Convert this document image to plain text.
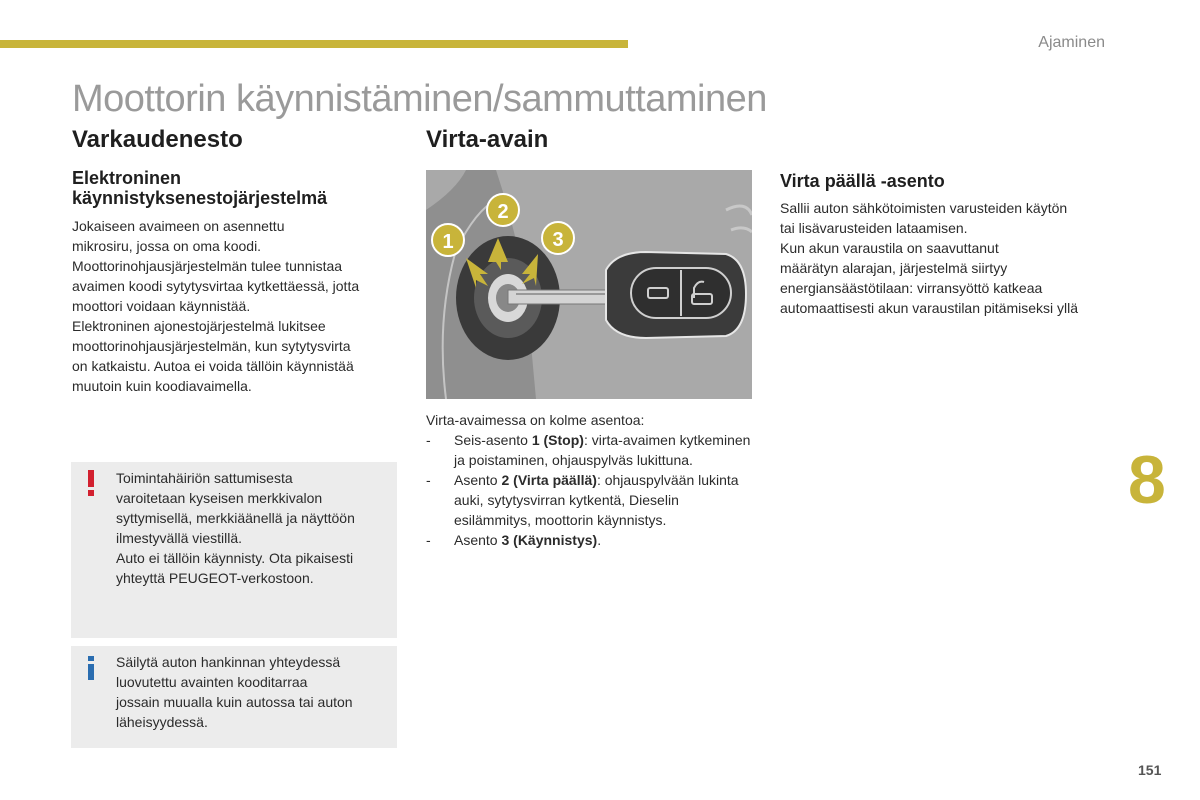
Ajaminen
Moottorin käynnistäminen/sammuttaminen
Varkaudenesto
Elektroninen käynnistyksenestojärjestelmä
Jokaiseen avaimeen on asennettu
mikrosiru, jossa on oma koodi.
Moottorinohjausjärjestelmän tulee tunnistaa
avaimen koodi sytytysvirtaa kytkettäessä, jotta
moottori voidaan käynnistää.
Elektroninen ajonestojärjestelmä lukitsee
moottorinohjausjärjestelmän, kun sytytysvirta
on katkaistu. Autoa ei voida tällöin käynnistää
muutoin kuin koodiavaimella.
Toimintahäiriön sattumisesta
varoitetaan kyseisen merkkivalon
syttymisellä, merkkiäänellä ja näyttöön
ilmestyvällä viestillä.
Auto ei tällöin käynnisty. Ota pikaisesti
yhteyttä PEUGEOT-verkostoon.
Säilytä auton hankinnan yhteydessä
luovutettu avainten kooditarraa
jossain muualla kuin autossa tai auton
läheisyydessä.
Virta-avain
1
2
3
Virta-avaimessa on kolme asentoa:
- Seis-asento 1 (Stop): virta-avaimen kytkeminen ja poistaminen, ohjauspylväs lukittuna.
- Asento 2 (Virta päällä): ohjauspylvään lukinta auki, sytytysvirran kytkentä, Dieselin esilämmitys, moottorin käynnistys.
- Asento 3 (Käynnistys).
Virta päällä -asento
Sallii auton sähkötoimisten varusteiden käytön
tai lisävarusteiden lataamisen.
Kun akun varaustila on saavuttanut
määrätyn alarajan, järjestelmä siirtyy
energiansäästötilaan: virransyöttö katkeaa
automaattisesti akun varaustilan pitämiseksi yllä
8
151
